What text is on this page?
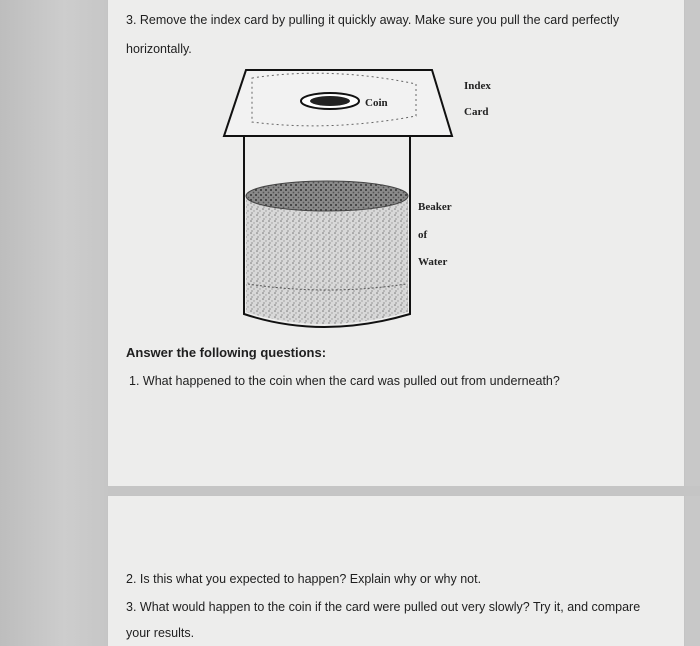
3. Remove the index card by pulling it quickly away. Make sure you pull the card perfectly
horizontally.
Coin
Index
Card
Beaker
of
Water
Answer the following questions:
1. What happened to the coin when the card was pulled out from underneath?
2. Is this what you expected to happen? Explain why or why not.
3. What would happen to the coin if the card were pulled out very slowly? Try it, and compare
your results.
